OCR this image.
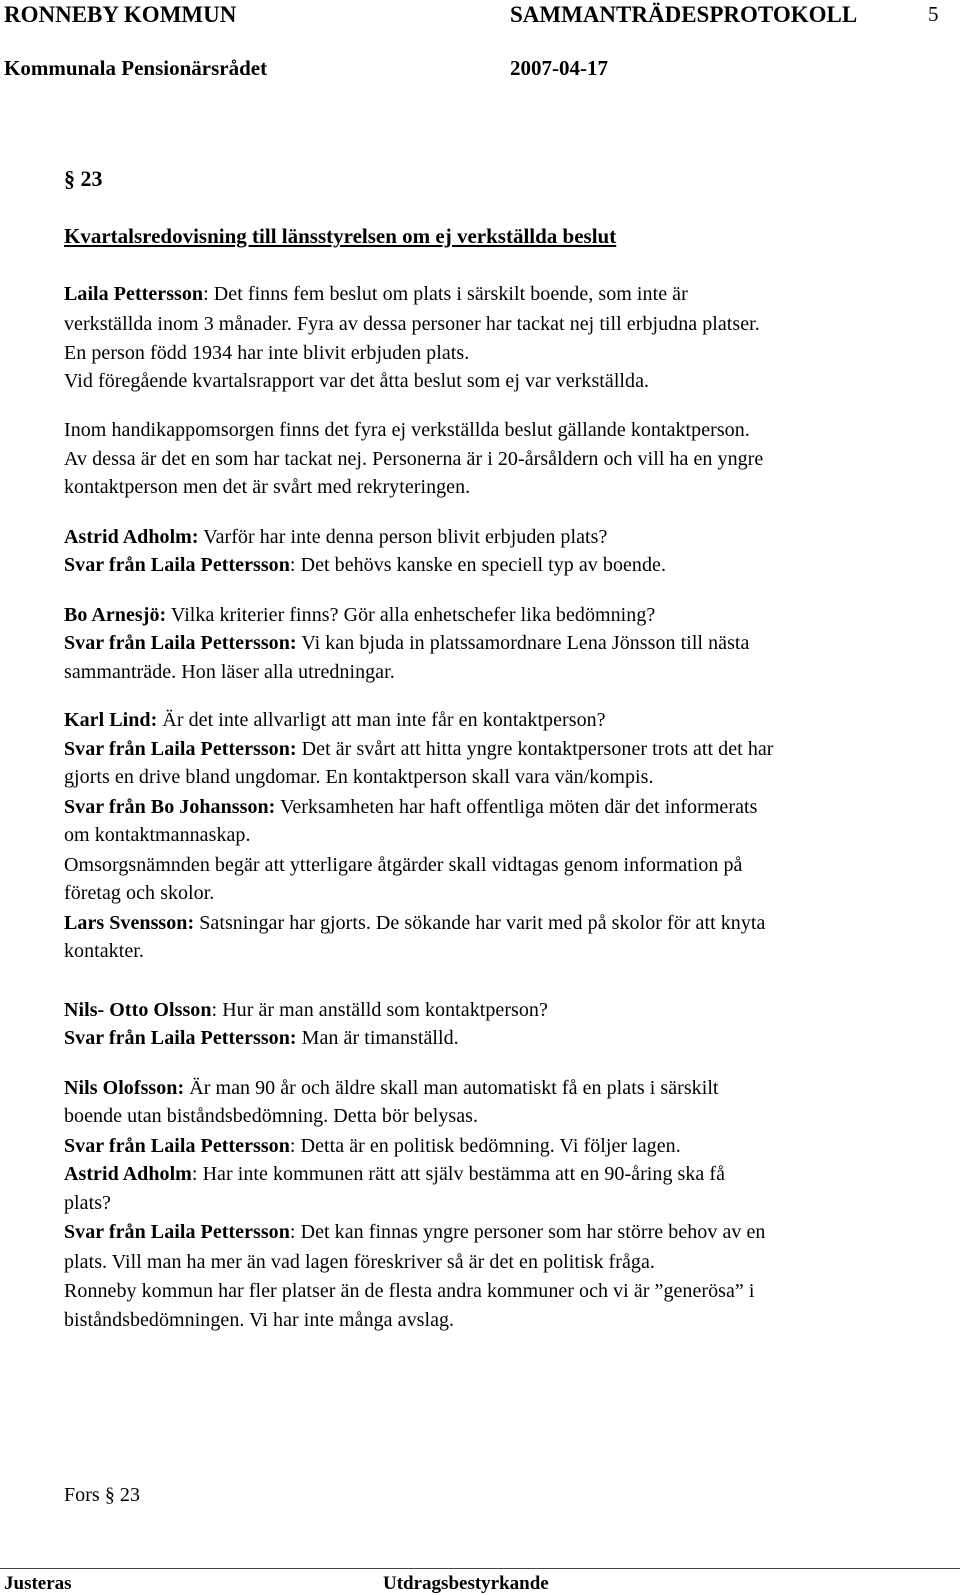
RONNEBY KOMMUN	SAMMANTRÄDESPROTOKOLL	5
Kommunala Pensionärsrådet	2007-04-17
§ 23
Kvartalsredovisning till länsstyrelsen om ej verkställda beslut
Laila Pettersson: Det finns fem beslut om plats i särskilt boende, som inte är
verkställda inom 3 månader. Fyra av dessa personer har tackat nej till erbjudna platser.
En person född 1934 har inte blivit erbjuden plats.
Vid föregående kvartalsrapport var det åtta beslut som ej var verkställda.
Inom handikappomsorgen finns det fyra ej verkställda beslut gällande kontaktperson.
Av dessa är det en som har tackat nej. Personerna är i 20-årsåldern och vill ha en yngre
kontaktperson men det är svårt med rekryteringen.
Astrid Adholm: Varför har inte denna person blivit erbjuden plats?
Svar från Laila Pettersson: Det behövs kanske en speciell typ av boende.
Bo Arnesjö: Vilka kriterier finns? Gör alla enhetschefer lika bedömning?
Svar från Laila Pettersson: Vi kan bjuda in platssamordnare Lena Jönsson till nästa
sammanträde. Hon läser alla utredningar.
Karl Lind: Är det inte allvarligt att man inte får en kontaktperson?
Svar från Laila Pettersson: Det är svårt att hitta yngre kontaktpersoner trots att det har
gjorts en drive bland ungdomar. En kontaktperson skall vara vän/kompis.
Svar från Bo Johansson: Verksamheten har haft offentliga möten där det informerats
om kontaktmannaskap.
Omsorgsnämnden begär att ytterligare åtgärder skall vidtagas genom information på
företag och skolor.
Lars Svensson: Satsningar har gjorts. De sökande har varit med på skolor för att knyta
kontakter.
Nils- Otto Olsson: Hur är man anställd som kontaktperson?
Svar från Laila Pettersson: Man är timanställd.
Nils Olofsson: Är man 90 år och äldre skall man automatiskt få en plats i särskilt
boende utan biståndsbedömning. Detta bör belysas.
Svar från Laila Pettersson: Detta är en politisk bedömning. Vi följer lagen.
Astrid Adholm: Har inte kommunen rätt att själv bestämma att en 90-åring ska få
plats?
Svar från Laila Pettersson: Det kan finnas yngre personer som har större behov av en
plats. Vill man ha mer än vad lagen föreskriver så är det en politisk fråga.
Ronneby kommun har fler platser än de flesta andra kommuner och vi är ”generösa” i
biståndsbedömningen. Vi har inte många avslag.
Fors § 23
Justeras	Utdragsbestyrkande
